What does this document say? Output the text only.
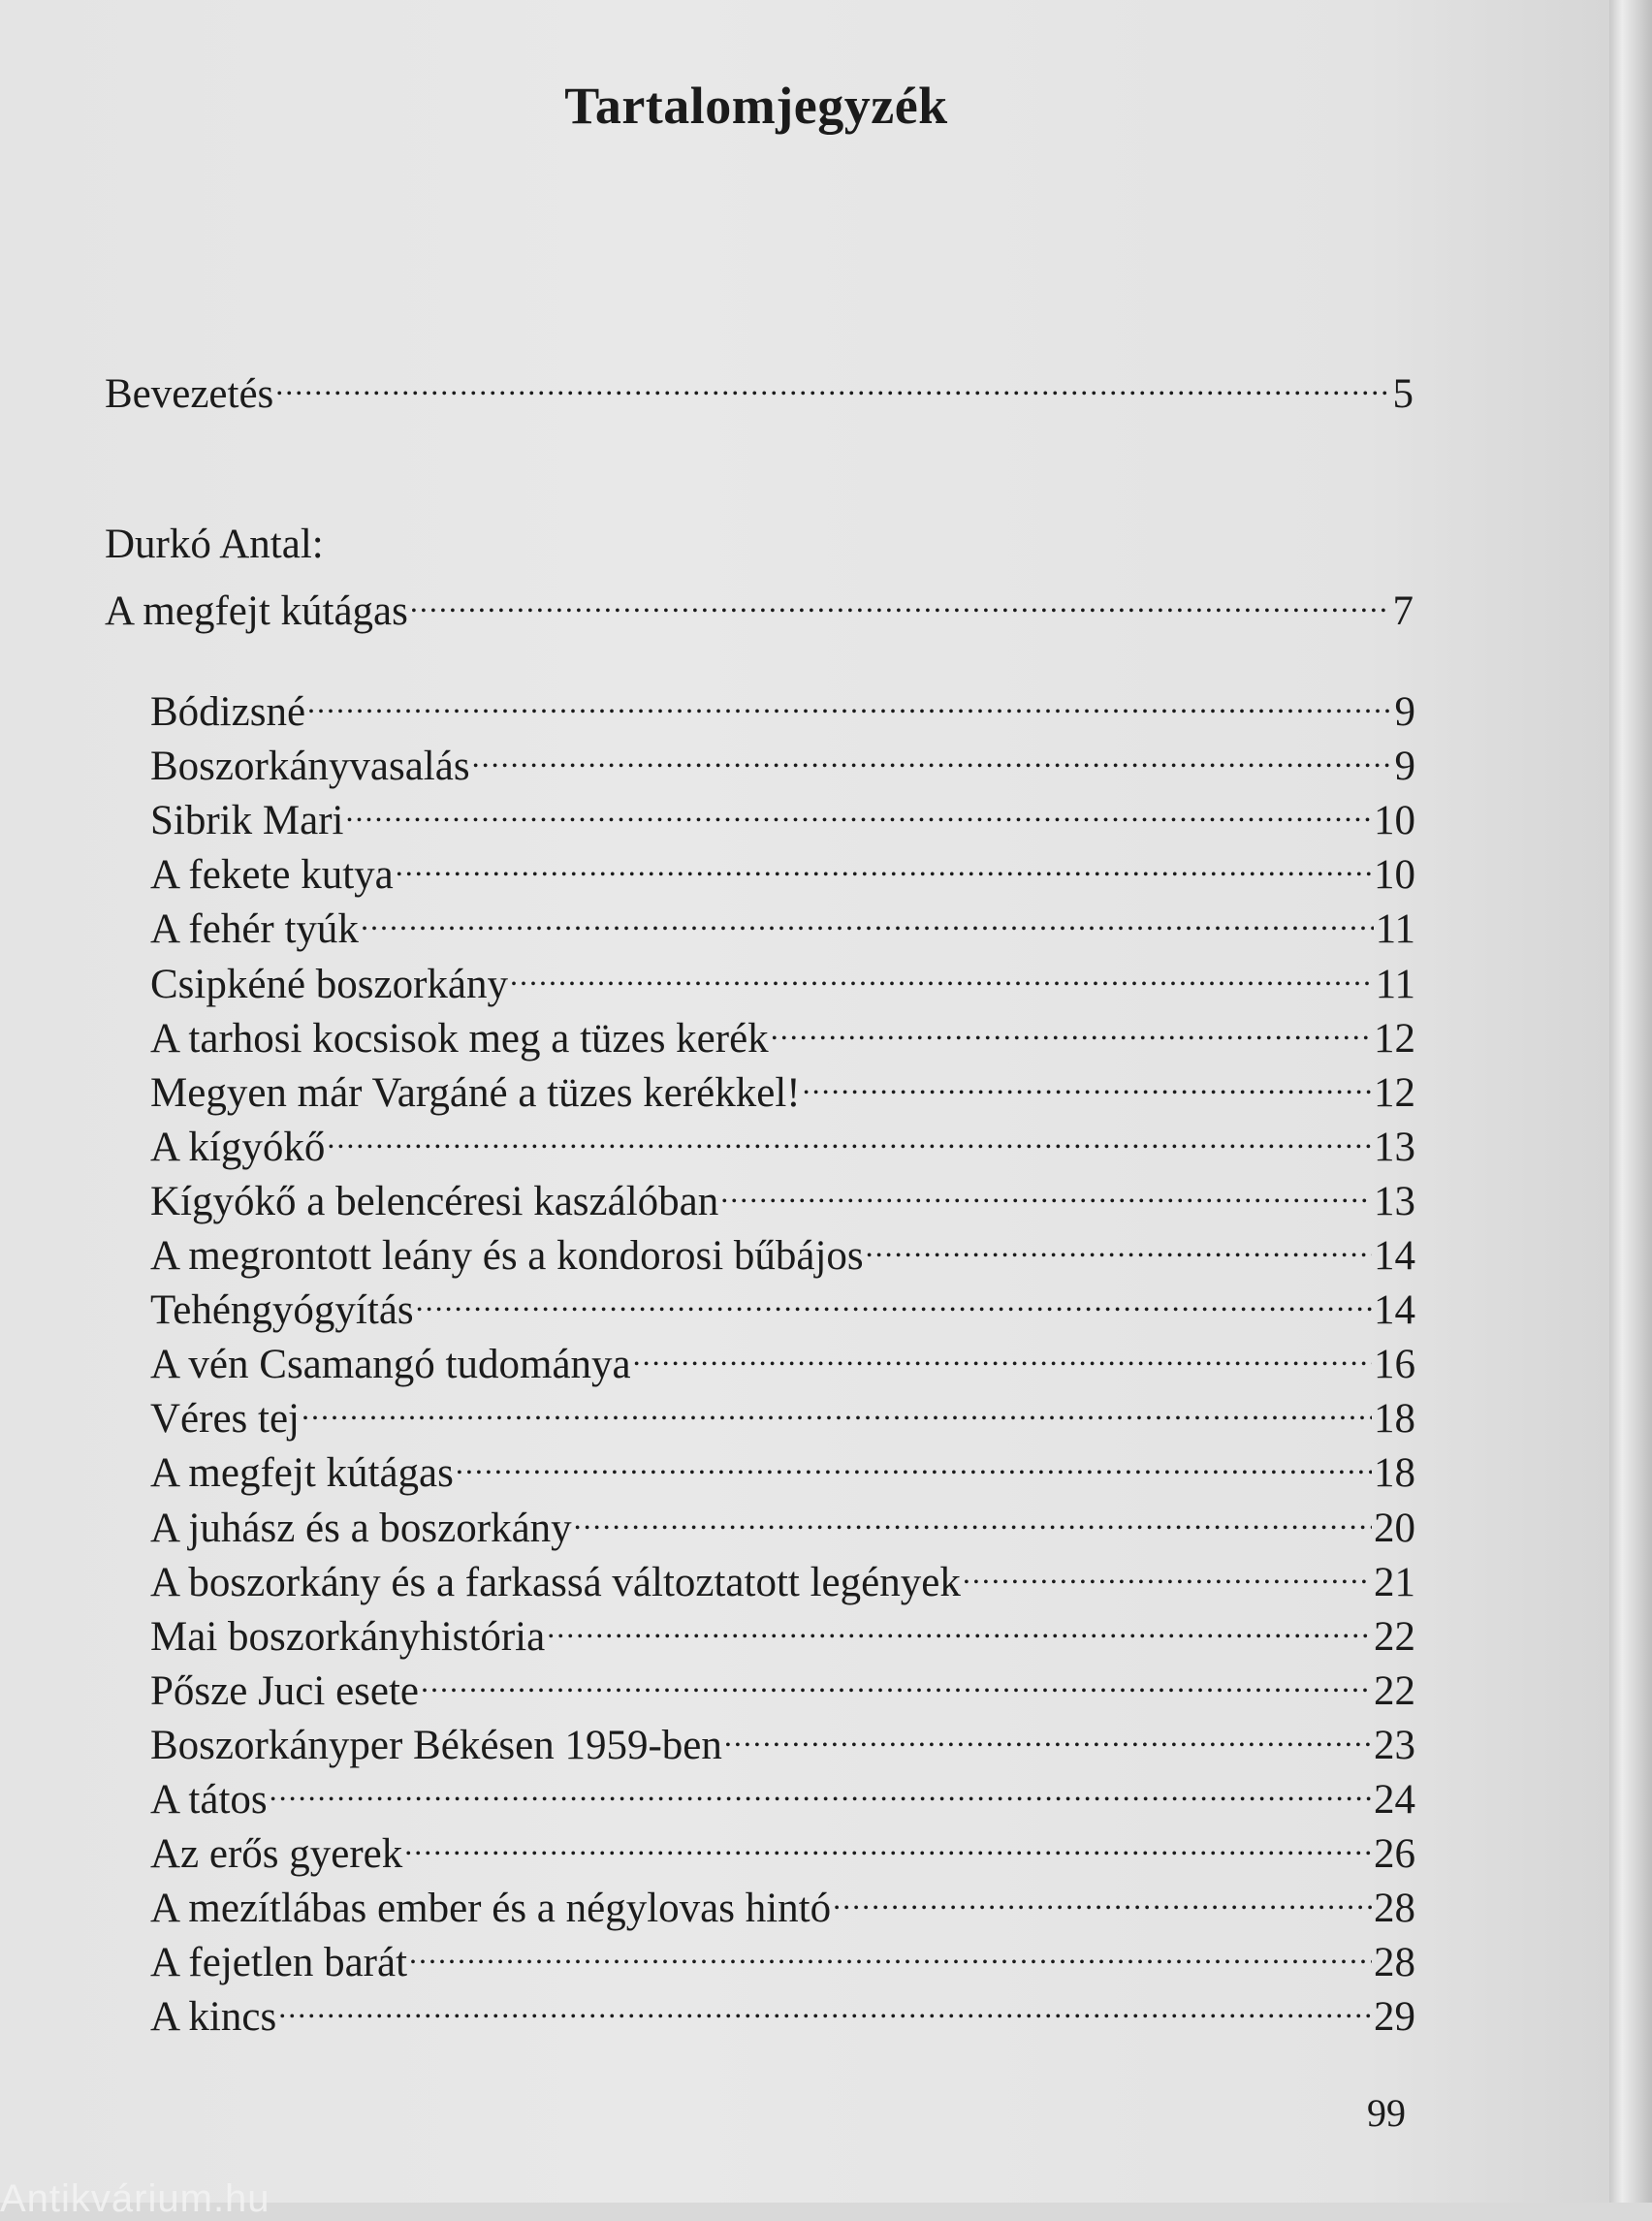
Tartalomjegyzék
Bevezetés .....	5
Durkó Antal:
A megfejt kútágas .....	7
Bódizsné .....	9
Boszorkányvasalás .....	9
Sibrik Mari .....	10
A fekete kutya .....	10
A fehér tyúk .....	11
Csipkéné boszorkány .....	11
A tarhosi kocsisok meg a tüzes kerék .....	12
Megyen már Vargáné a tüzes kerékkel! .....	12
A kígyókő .....	13
Kígyókő a belencéresi kaszálóban .....	13
A megrontott leány és a kondorosi bűbájos .....	14
Tehéngyógyítás .....	14
A vén Csamangó tudománya .....	16
Véres tej .....	18
A megfejt kútágas .....	18
A juhász és a boszorkány .....	20
A boszorkány és a farkassá változtatott legények .....	21
Mai boszorkányhistória .....	22
Pősze Juci esete .....	22
Boszorkányper Békésen 1959-ben .....	23
A tátos .....	24
Az erős gyerek .....	26
A mezítlábas ember és a négylovas hintó .....	28
A fejetlen barát .....	28
A kincs .....	29
99
Antikvárium.hu
